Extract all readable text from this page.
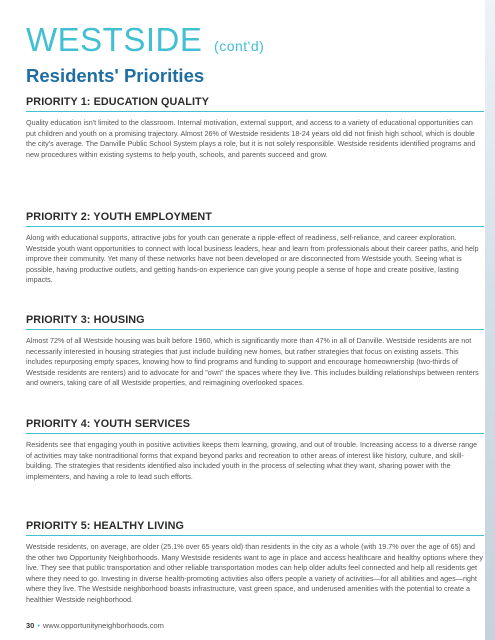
WESTSIDE (cont'd)
Residents' Priorities
PRIORITY 1: EDUCATION QUALITY

Quality education isn't limited to the classroom. Internal motivation, external support, and access to a variety of educational opportunities can put children and youth on a promising trajectory. Almost 26% of Westside residents 18-24 years old did not finish high school, which is double the city's average. The Danville Public School System plays a role, but it is not solely responsible. Westside residents identified programs and new procedures within existing systems to help youth, schools, and parents succeed and grow.

PRIORITY 2: YOUTH EMPLOYMENT

Along with educational supports, attractive jobs for youth can generate a ripple-effect of readiness, self-reliance, and career exploration. Westside youth want opportunities to connect with local business leaders, hear and learn from professionals about their career paths, and help improve their community. Yet many of these networks have not been developed or are disconnected from Westside youth. Seeing what is possible, having productive outlets, and getting hands-on experience can give young people a sense of hope and create positive, lasting impacts.

PRIORITY 3: HOUSING

Almost 72% of all Westside housing was built before 1960, which is significantly more than 47% in all of Danville. Westside residents are not necessarily interested in housing strategies that just include building new homes, but rather strategies that focus on existing assets. This includes repurposing empty spaces, knowing how to find programs and funding to support and encourage homeownership (two-thirds of Westside residents are renters) and to advocate for and "own" the spaces where they live. This includes building relationships between renters and owners, taking care of all Westside properties, and reimagining overlooked spaces.

PRIORITY 4: YOUTH SERVICES

Residents see that engaging youth in positive activities keeps them learning, growing, and out of trouble. Increasing access to a diverse range of activities may take nontraditional forms that expand beyond parks and recreation to other areas of interest like history, culture, and skill-building. The strategies that residents identified also included youth in the process of selecting what they want, sharing power with the implementers, and having a role to lead such efforts.

PRIORITY 5: HEALTHY LIVING

Westside residents, on average, are older (25.1% over 65 years old) than residents in the city as a whole (with 19.7% over the age of 65) and the other two Opportunity Neighborhoods. Many Westside residents want to age in place and access healthcare and healthy options where they live. They see that public transportation and other reliable transportation modes can help older adults feel connected and help all residents get where they need to go. Investing in diverse health-promoting activities also offers people a variety of activities—for all abilities and ages—right where they live. The Westside neighborhood boasts infrastructure, vast green space, and underused amenities with the potential to create a healthier Westside neighborhood.

30 • www.opportunityneighborhoods.com
